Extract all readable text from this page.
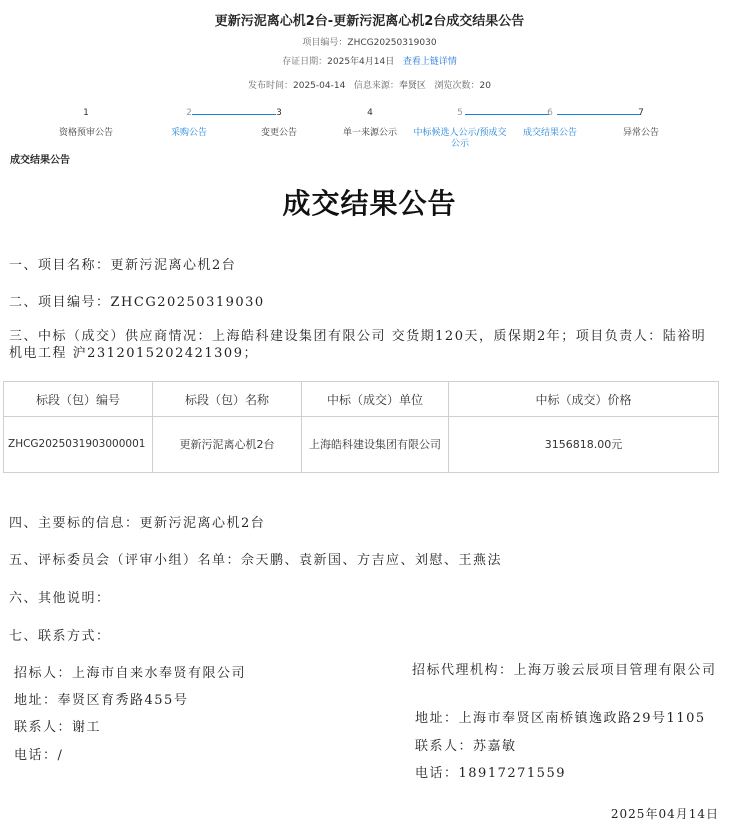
更新污泥离心机2台-更新污泥离心机2台成交结果公告
项目编号：ZHCG20250319030
存证日期：2025年4月14日 查看上链详情
发布时间：2025-04-14 信息来源：奉贤区 浏览次数：20
1
资格预审公告
2
采购公告
3
变更公告
4
单一来源公示
5
中标候选人公示/预成交公示
6
成交结果公告
7
异常公告
成交结果公告
成交结果公告
一、项目名称：更新污泥离心机2台
二、项目编号：ZHCG20250319030
三、中标（成交）供应商情况：上海皓科建设集团有限公司 交货期120天，质保期2年；项目负责人：陆裕明 机电工程 沪2312015202421309；
标段（包）编号	标段（包）名称	中标（成交）单位	中标（成交）价格
ZHCG2025031903000001	更新污泥离心机2台	上海皓科建设集团有限公司	3156818.00元
四、主要标的信息：更新污泥离心机2台
五、评标委员会（评审小组）名单：佘天鹏、袁新国、方吉应、刘慰、王燕法
六、其他说明：
七、联系方式：
招标人：上海市自来水奉贤有限公司
地址：奉贤区育秀路455号
联系人：谢工
电话：/
招标代理机构：上海万骏云辰项目管理有限公司
地址：上海市奉贤区南桥镇逸政路29号1105
联系人：苏嘉敏
电话：18917271559
2025年04月14日
